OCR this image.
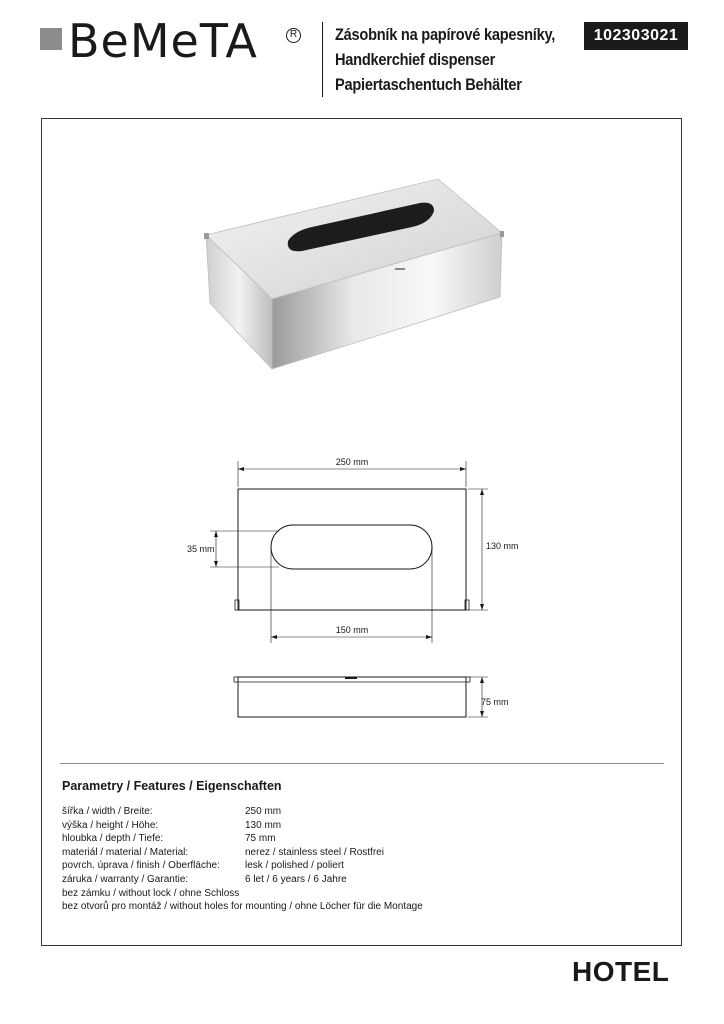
BeMeTA	R Zásobník na papírové kapesníky,
Handkerchief dispenser
Papiertaschentuch Behälter
102303021
250 mm
130 mm
35 mm
150 mm
75 mm
Parametry / Features / Eigenschaften
šířka / width / Breite:	250 mm
výška / height / Höhe:	130 mm
hloubka / depth / Tiefe:	75 mm
materiál / material / Material:	nerez / stainless steel / Rostfrei
povrch. úprava / finish / Oberfläche:	lesk / polished / poliert
záruka / warranty / Garantie:	6 let / 6 years / 6 Jahre
bez zámku / without lock / ohne Schloss
bez otvorů pro montáž / without holes for mounting / ohne Löcher für die Montage
HOTEL
